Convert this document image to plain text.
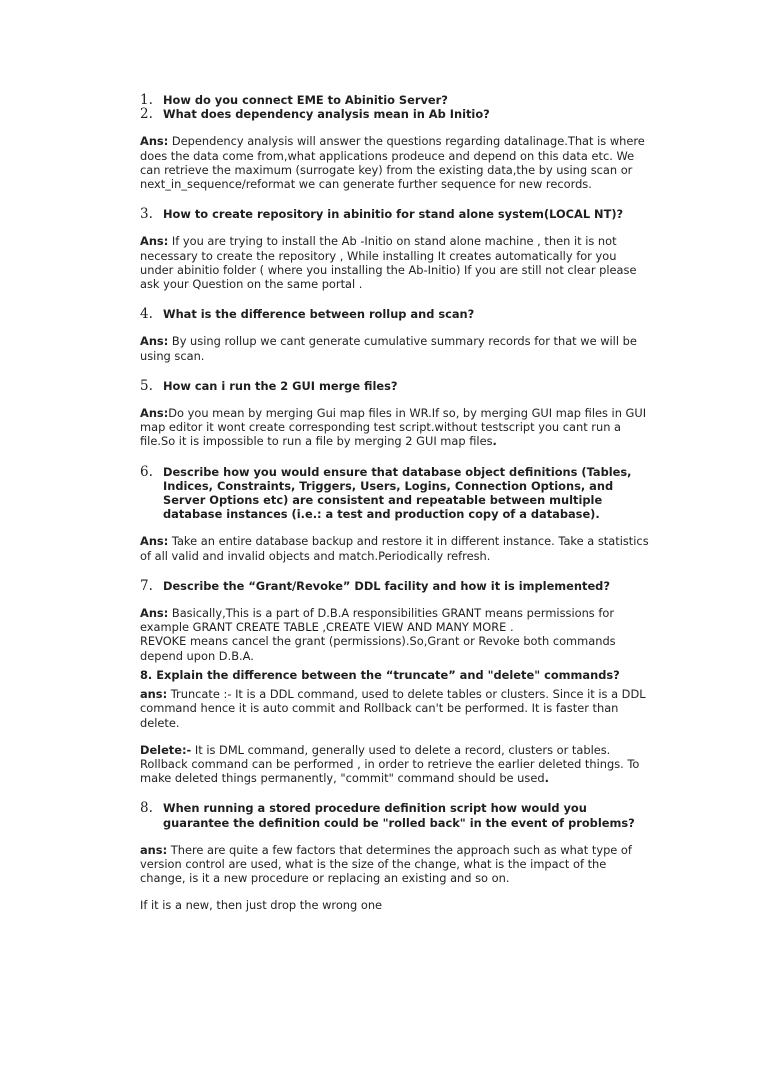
1. How do you connect EME to Abinitio Server?
2. What does dependency analysis mean in Ab Initio?

Ans: Dependency analysis will answer the questions regarding datalinage.That is where does the data come from,what applications prodeuce and depend on this data etc. We can retrieve the maximum (surrogate key) from the existing data,the by using scan or next_in_sequence/reformat we can generate further sequence for new records.

3. How to create repository in abinitio for stand alone system(LOCAL NT)?

Ans: If you are trying to install the Ab -Initio on stand alone machine , then it is not necessary to create the repository , While installing It creates automatically for you under abinitio folder ( where you installing the Ab-Initio) If you are still not clear please ask your Question on the same portal .

4. What is the difference between rollup and scan?

Ans: By using rollup we cant generate cumulative summary records for that we will be using scan.

5. How can i run the 2 GUI merge files?

Ans:Do you mean by merging Gui map files in WR.If so, by merging GUI map files in GUI map editor it wont create corresponding test script.without testscript you cant run a file.So it is impossible to run a file by merging 2 GUI map files.

6. Describe how you would ensure that database object definitions (Tables, Indices, Constraints, Triggers, Users, Logins, Connection Options, and Server Options etc) are consistent and repeatable between multiple database instances (i.e.: a test and production copy of a database).

Ans: Take an entire database backup and restore it in different instance. Take a statistics of all valid and invalid objects and match.Periodically refresh.

7. Describe the “Grant/Revoke” DDL facility and how it is implemented?

Ans: Basically,This is a part of D.B.A responsibilities GRANT means permissions for example GRANT CREATE TABLE ,CREATE VIEW AND MANY MORE .
REVOKE means cancel the grant (permissions).So,Grant or Revoke both commands depend upon D.B.A.

8. Explain the difference between the “truncate” and "delete" commands?

ans: Truncate :- It is a DDL command, used to delete tables or clusters. Since it is a DDL command hence it is auto commit and Rollback can't be performed. It is faster than delete.

Delete:- It is DML command, generally used to delete a record, clusters or tables. Rollback command can be performed , in order to retrieve the earlier deleted things. To make deleted things permanently, "commit" command should be used.

8. When running a stored procedure definition script how would you guarantee the definition could be "rolled back" in the event of problems?

ans: There are quite a few factors that determines the approach such as what type of version control are used, what is the size of the change, what is the impact of the change, is it a new procedure or replacing an existing and so on.

If it is a new, then just drop the wrong one
